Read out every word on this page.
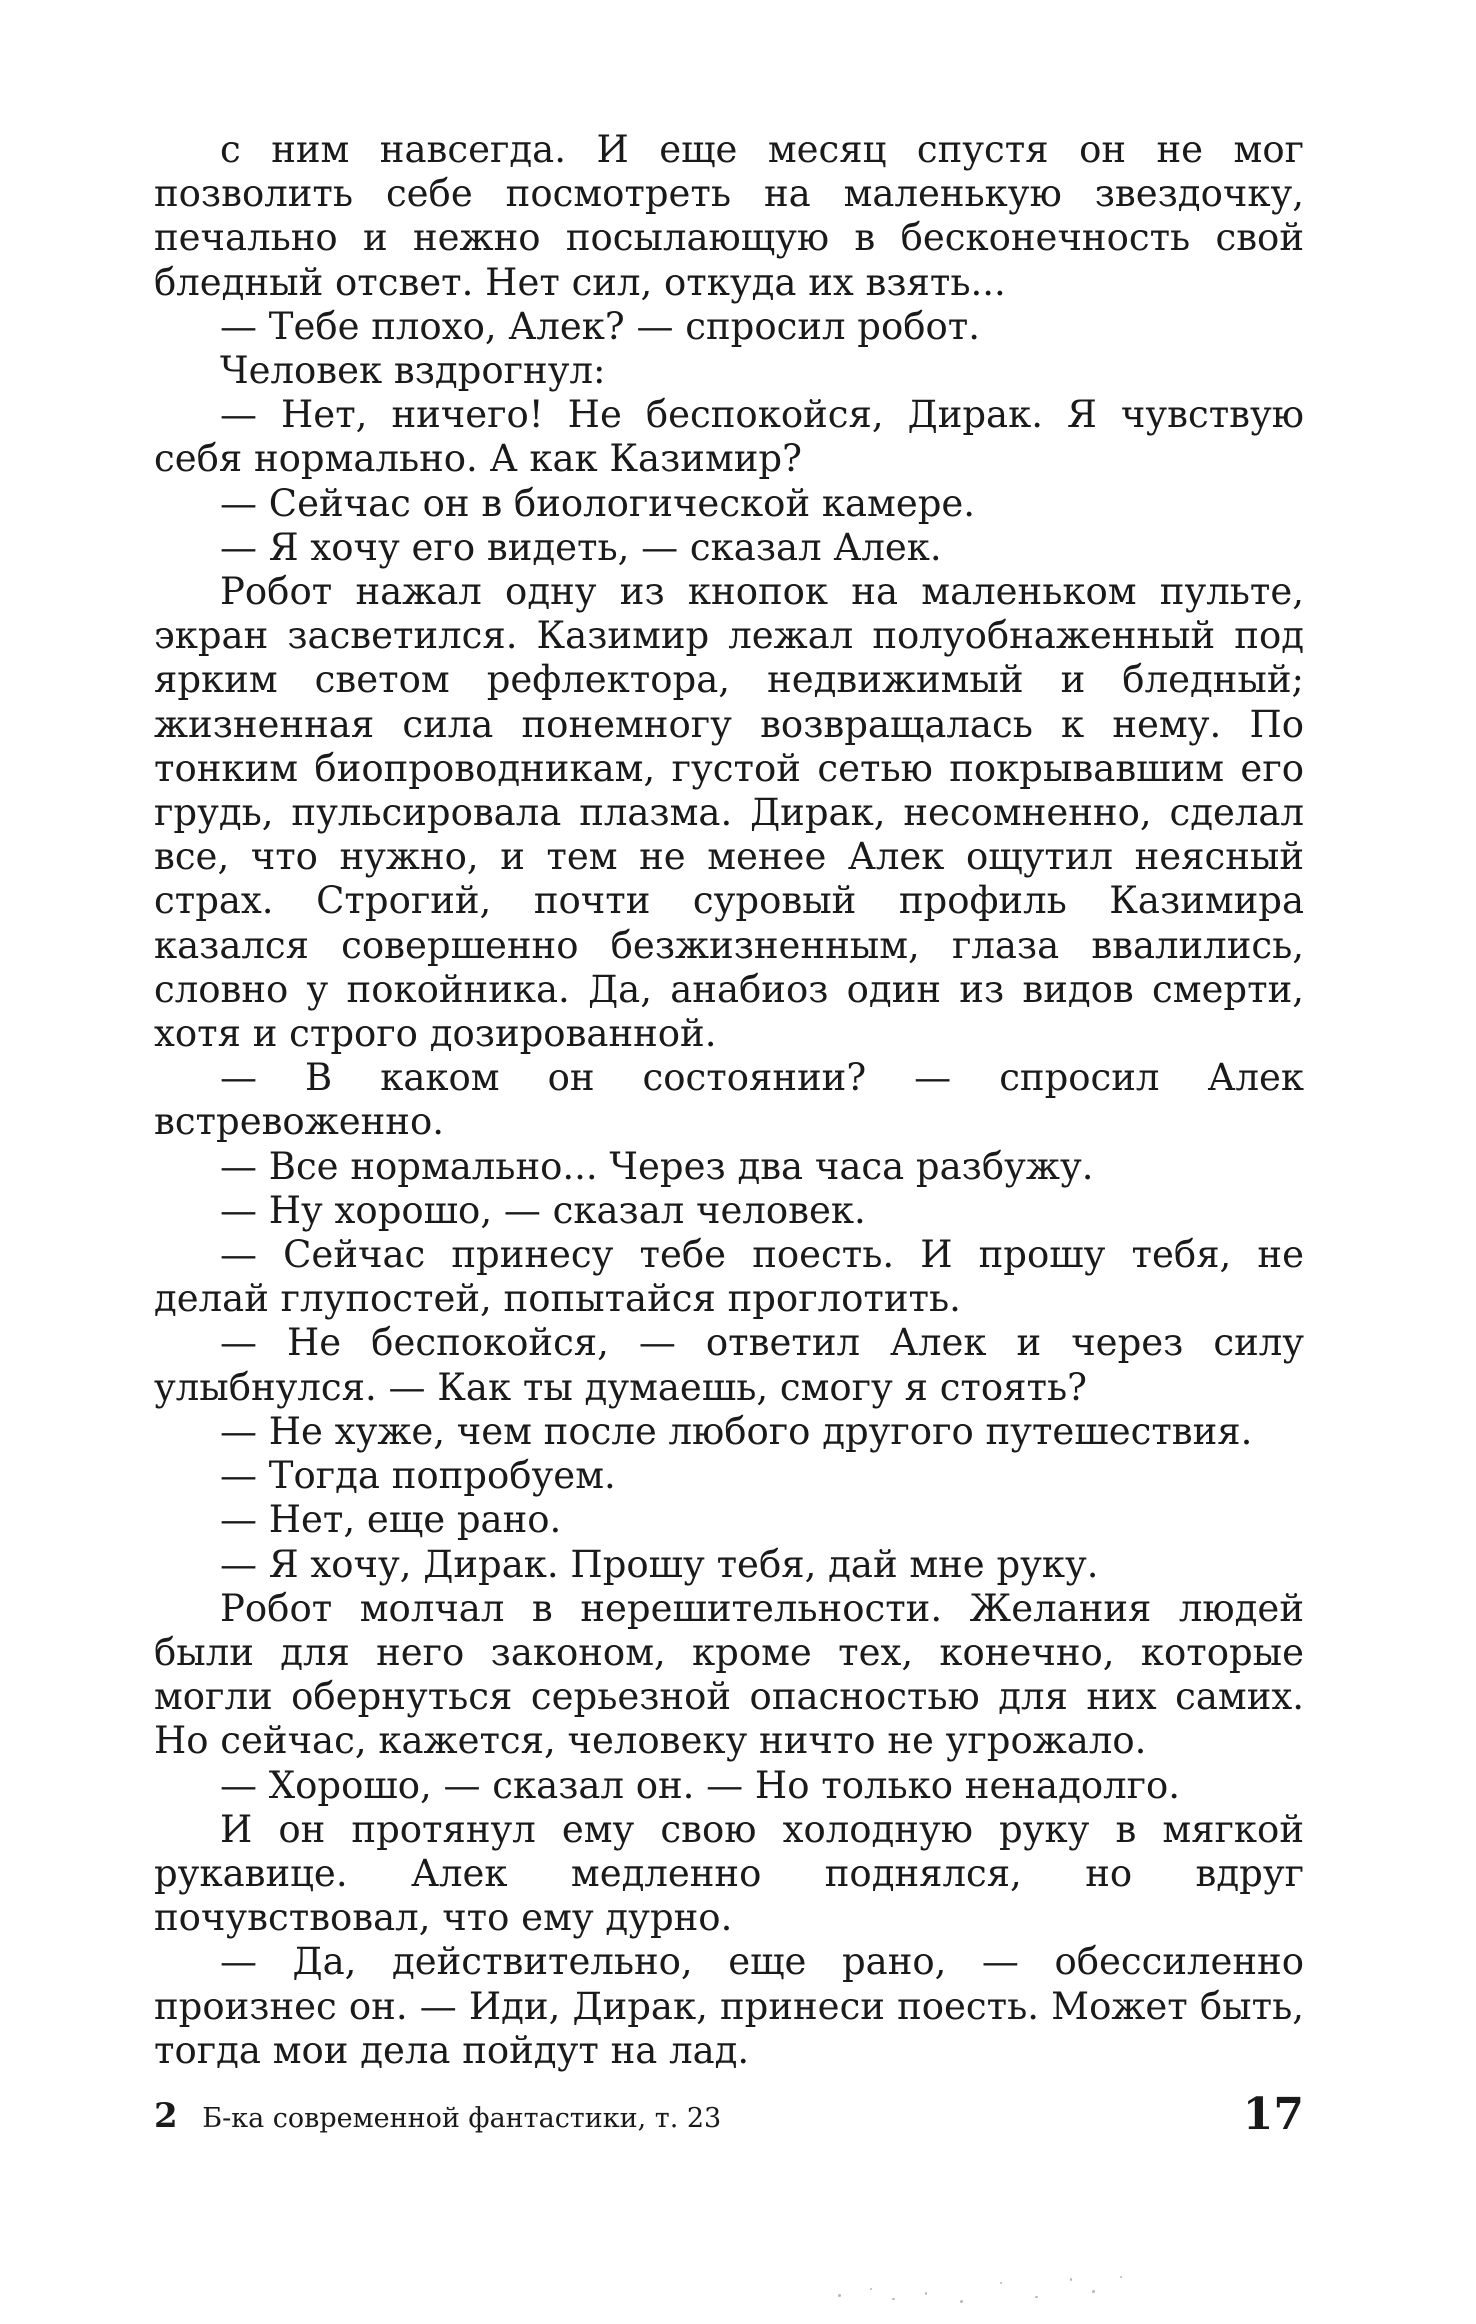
с ним навсегда. И еще месяц спустя он не мог позволить себе посмотреть на маленькую звездочку, печально и нежно посылающую в бесконечность свой бледный отсвет. Нет сил, откуда их взять...

— Тебе плохо, Алек? — спросил робот.

Человек вздрогнул:

— Нет, ничего! Не беспокойся, Дирак. Я чувствую себя нормально. А как Казимир?

— Сейчас он в биологической камере.

— Я хочу его видеть, — сказал Алек.

Робот нажал одну из кнопок на маленьком пульте, экран засветился. Казимир лежал полуобнаженный под ярким светом рефлектора, недвижимый и бледный; жизненная сила понемногу возвращалась к нему. По тонким биопроводникам, густой сетью покрывавшим его грудь, пульсировала плазма. Дирак, несомненно, сделал все, что нужно, и тем не менее Алек ощутил неясный страх. Строгий, почти суровый профиль Казимира казался совершенно безжизненным, глаза ввалились, словно у покойника. Да, анабиоз один из видов смерти, хотя и строго дозированной.

— В каком он состоянии? — спросил Алек встревоженно.

— Все нормально... Через два часа разбужу.

— Ну хорошо, — сказал человек.

— Сейчас принесу тебе поесть. И прошу тебя, не делай глупостей, попытайся проглотить.

— Не беспокойся, — ответил Алек и через силу улыбнулся. — Как ты думаешь, смогу я стоять?

— Не хуже, чем после любого другого путешествия.

— Тогда попробуем.

— Нет, еще рано.

— Я хочу, Дирак. Прошу тебя, дай мне руку.

Робот молчал в нерешительности. Желания людей были для него законом, кроме тех, конечно, которые могли обернуться серьезной опасностью для них самих. Но сейчас, кажется, человеку ничто не угрожало.

— Хорошо, — сказал он. — Но только ненадолго.

И он протянул ему свою холодную руку в мягкой рукавице. Алек медленно поднялся, но вдруг почувствовал, что ему дурно.

— Да, действительно, еще рано, — обессиленно произнес он. — Иди, Дирак, принеси поесть. Может быть, тогда мои дела пойдут на лад.

2 Б-ка современной фантастики, т. 23	17
